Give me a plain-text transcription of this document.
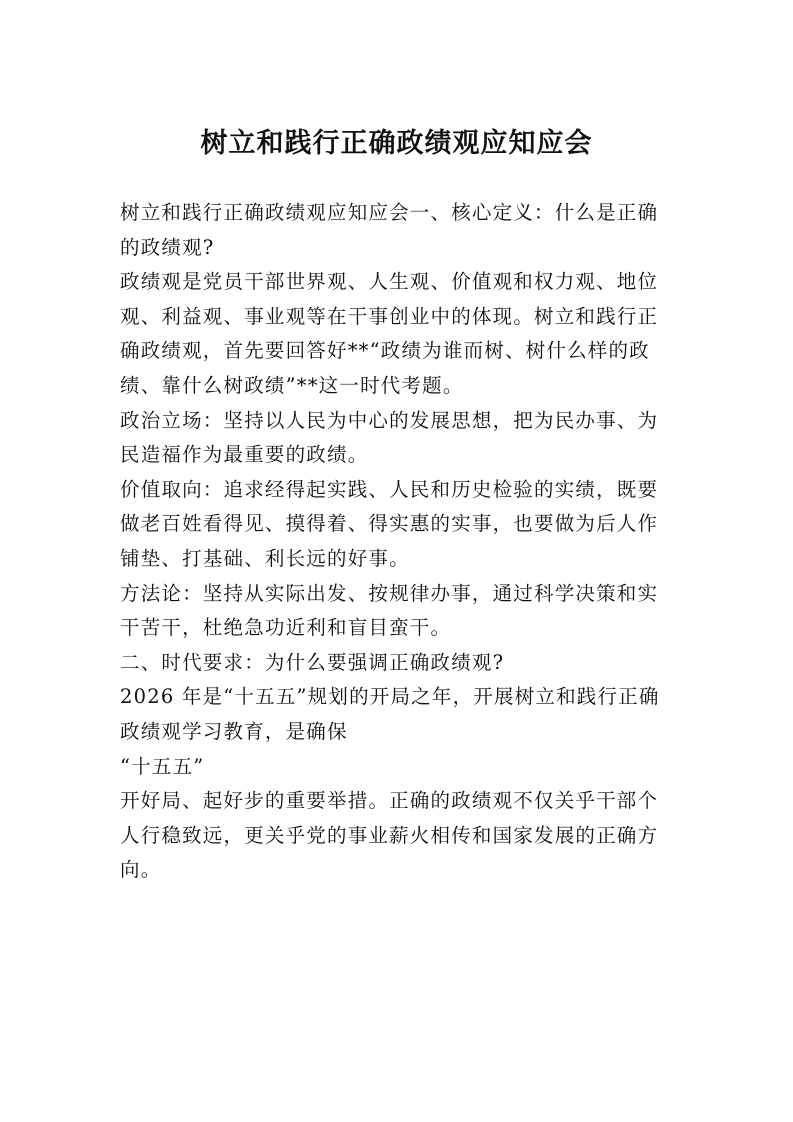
树立和践行正确政绩观应知应会

树立和践行正确政绩观应知应会一、核心定义：什么是正确的政绩观?

政绩观是党员干部世界观、人生观、价值观和权力观、地位观、利益观、事业观等在干事创业中的体现。树立和践行正确政绩观，首先要回答好**“政绩为谁而树、树什么样的政绩、靠什么树政绩”**这一时代考题。

政治立场：坚持以人民为中心的发展思想，把为民办事、为民造福作为最重要的政绩。

价值取向：追求经得起实践、人民和历史检验的实绩，既要做老百姓看得见、摸得着、得实惠的实事，也要做为后人作铺垫、打基础、利长远的好事。

方法论：坚持从实际出发、按规律办事，通过科学决策和实干苦干，杜绝急功近利和盲目蛮干。

二、时代要求：为什么要强调正确政绩观?

2026 年是“十五五”规划的开局之年，开展树立和践行正确政绩观学习教育，是确保

“十五五”

开好局、起好步的重要举措。正确的政绩观不仅关乎干部个人行稳致远，更关乎党的事业薪火相传和国家发展的正确方向。
